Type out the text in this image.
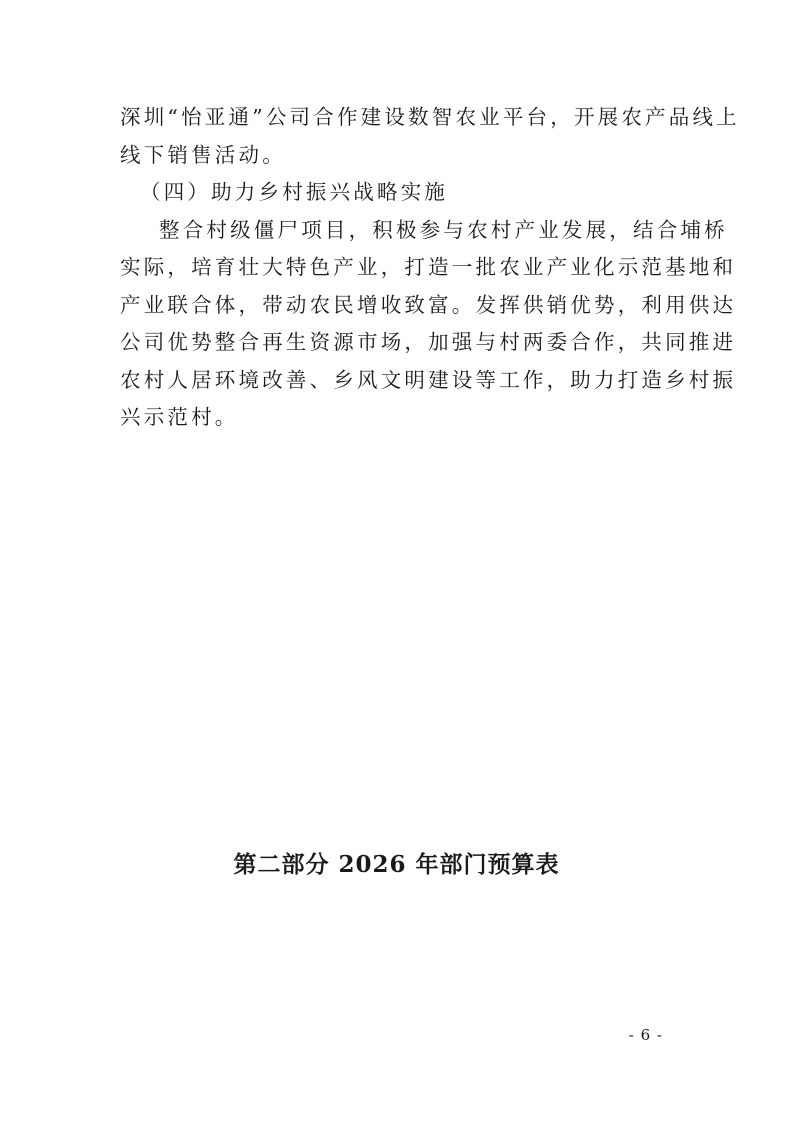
深圳“怡亚通”公司合作建设数智农业平台，开展农产品线上
线下销售活动。

（四）助力乡村振兴战略实施

整合村级僵尸项目，积极参与农村产业发展，结合埔桥
实际，培育壮大特色产业，打造一批农业产业化示范基地和
产业联合体，带动农民增收致富。发挥供销优势，利用供达
公司优势整合再生资源市场，加强与村两委合作，共同推进
农村人居环境改善、乡风文明建设等工作，助力打造乡村振
兴示范村。

第二部分 2026 年部门预算表
- 6 -
